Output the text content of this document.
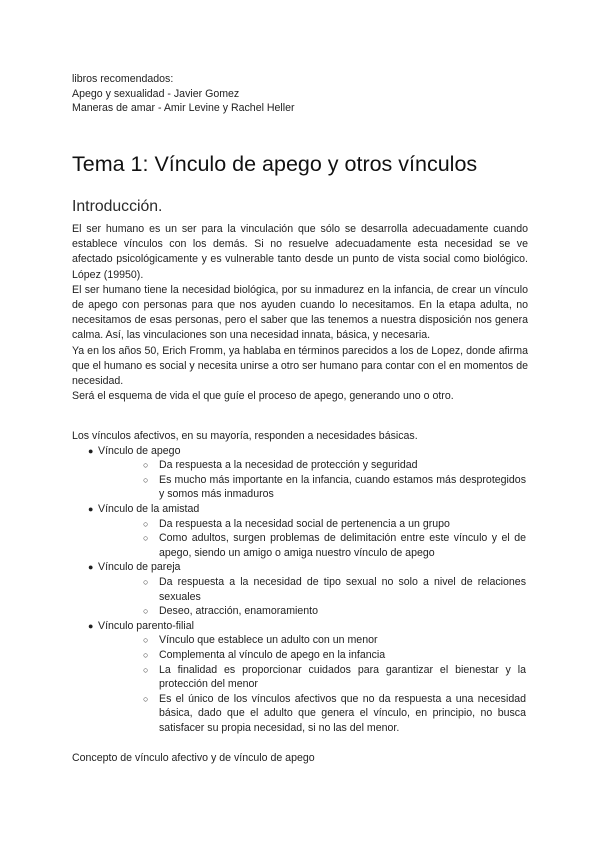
libros recomendados:
Apego y sexualidad - Javier Gomez
Maneras de amar - Amir Levine y Rachel Heller
Tema 1: Vínculo de apego y otros vínculos
Introducción.

El ser humano es un ser para la vinculación que sólo se desarrolla adecuadamente cuando establece vínculos con los demás. Si no resuelve adecuadamente esta necesidad se ve afectado psicológicamente y es vulnerable tanto desde un punto de vista social como biológico. López (19950).

El ser humano tiene la necesidad biológica, por su inmadurez en la infancia, de crear un vínculo de apego con personas para que nos ayuden cuando lo necesitamos. En la etapa adulta, no necesitamos de esas personas, pero el saber que las tenemos a nuestra disposición nos genera calma. Así, las vinculaciones son una necesidad innata, básica, y necesaria.

Ya en los años 50, Erich Fromm, ya hablaba en términos parecidos a los de Lopez, donde afirma que el humano es social y necesita unirse a otro ser humano para contar con el en momentos de necesidad.

Será el esquema de vida el que guíe el proceso de apego, generando uno o otro.

Los vínculos afectivos, en su mayoría, responden a necesidades básicas.
● Vínculo de apego
○ Da respuesta a la necesidad de protección y seguridad
○ Es mucho más importante en la infancia, cuando estamos más desprotegidos y somos más inmaduros
● Vínculo de la amistad
○ Da respuesta a la necesidad social de pertenencia a un grupo
○ Como adultos, surgen problemas de delimitación entre este vínculo y el de apego, siendo un amigo o amiga nuestro vínculo de apego
● Vínculo de pareja
○ Da respuesta a la necesidad de tipo sexual no solo a nivel de relaciones sexuales
○ Deseo, atracción, enamoramiento
● Vínculo parento-filial
○ Vínculo que establece un adulto con un menor
○ Complementa al vínculo de apego en la infancia
○ La finalidad es proporcionar cuidados para garantizar el bienestar y la protección del menor
○ Es el único de los vínculos afectivos que no da respuesta a una necesidad básica, dado que el adulto que genera el vínculo, en principio, no busca satisfacer su propia necesidad, si no las del menor.
Concepto de vínculo afectivo y de vínculo de apego
